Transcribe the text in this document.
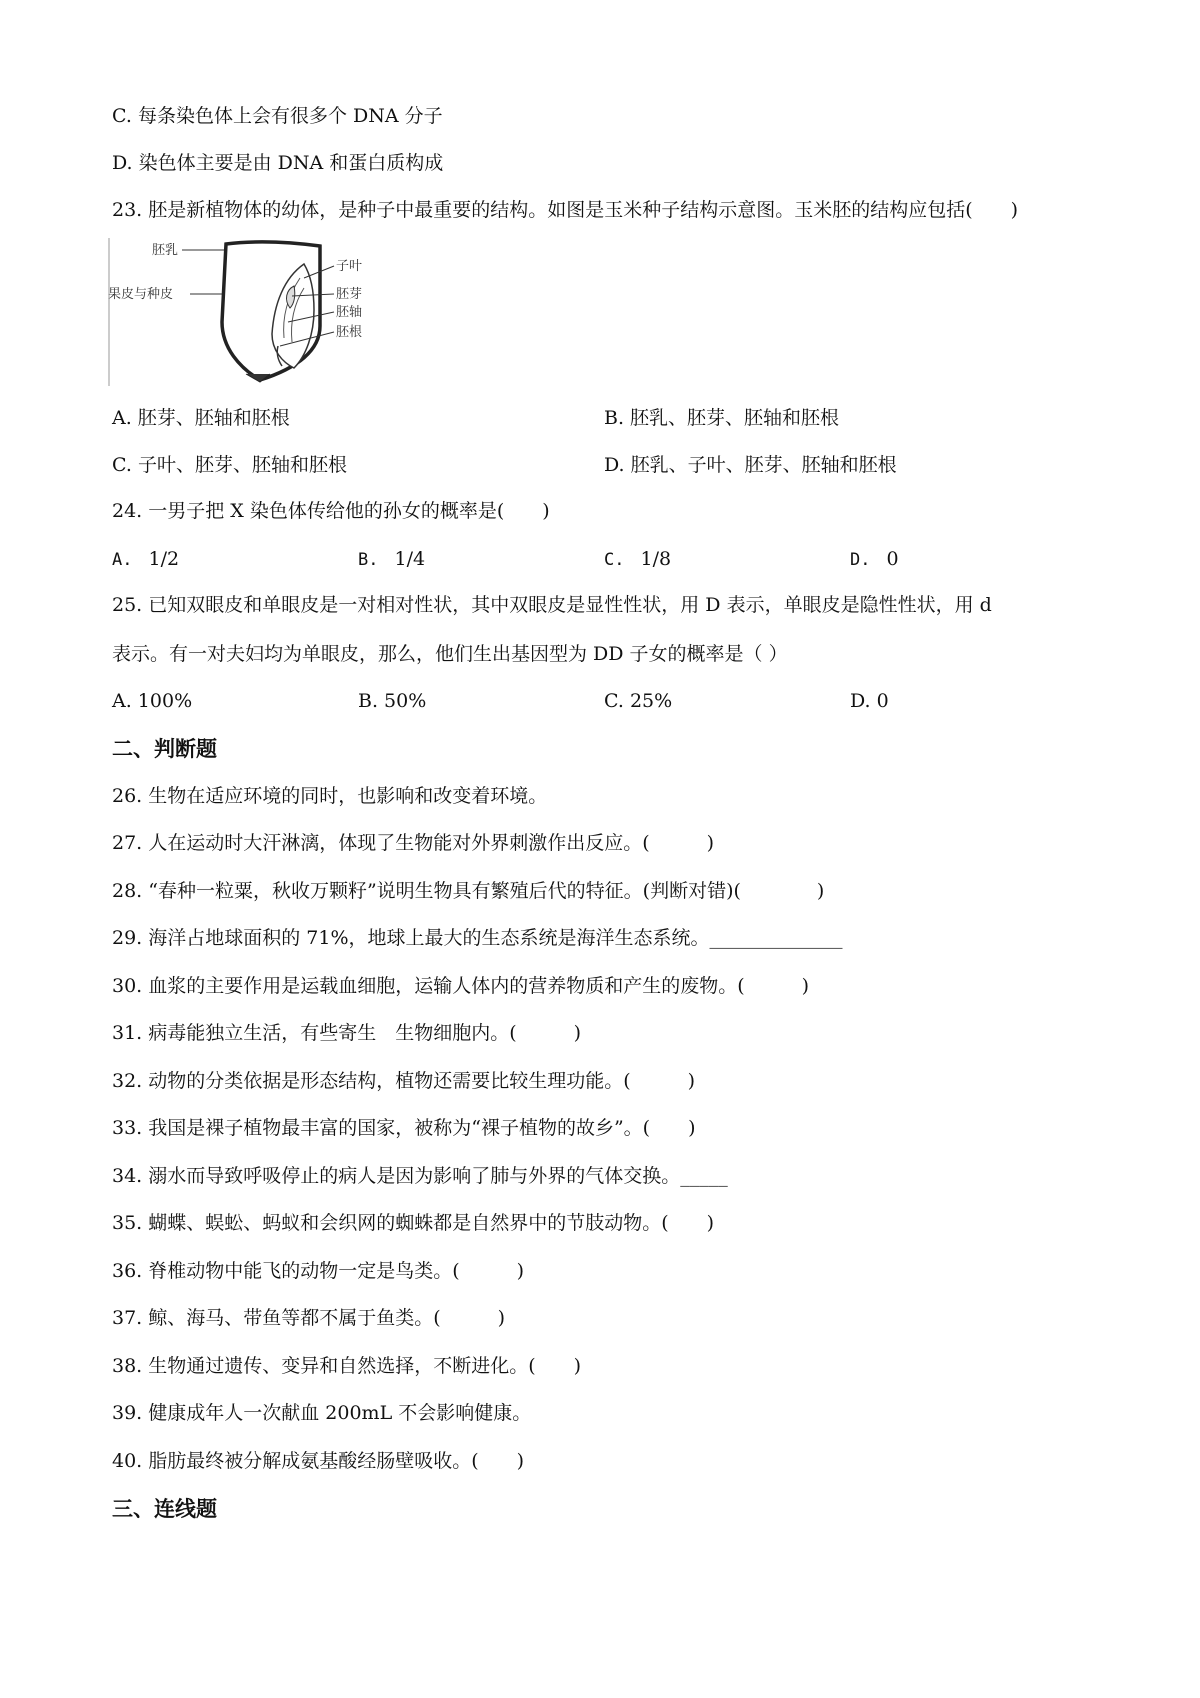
C. 每条染色体上会有很多个 DNA 分子
D. 染色体主要是由 DNA 和蛋白质构成
23. 胚是新植物体的幼体，是种子中最重要的结构。如图是玉米种子结构示意图。玉米胚的结构应包括(　　)
胚乳
果皮与种皮
子叶
胚芽
胚轴
胚根
A. 胚芽、胚轴和胚根	B. 胚乳、胚芽、胚轴和胚根
C. 子叶、胚芽、胚轴和胚根	D. 胚乳、子叶、胚芽、胚轴和胚根
24. 一男子把 X 染色体传给他的孙女的概率是(　　)
A. 1/2	B. 1/4	C. 1/8	D. 0
25. 已知双眼皮和单眼皮是一对相对性状，其中双眼皮是显性性状，用 D 表示，单眼皮是隐性性状，用 d
表示。有一对夫妇均为单眼皮，那么，他们生出基因型为 DD 子女的概率是（ ）
A. 100%	B. 50%	C. 25%	D. 0
二、判断题
26. 生物在适应环境的同时，也影响和改变着环境。
27. 人在运动时大汗淋漓，体现了生物能对外界刺激作出反应。(　　　)
28. “春种一粒粟，秋收万颗籽”说明生物具有繁殖后代的特征。(判断对错)(　　　　)
29. 海洋占地球面积的 71%，地球上最大的生态系统是海洋生态系统。______________
30. 血浆的主要作用是运载血细胞，运输人体内的营养物质和产生的废物。(　　　)
31. 病毒能独立生活，有些寄生　生物细胞内。(　　　)
32. 动物的分类依据是形态结构，植物还需要比较生理功能。(　　　)
33. 我国是裸子植物最丰富的国家，被称为“裸子植物的故乡”。(　　)
34. 溺水而导致呼吸停止的病人是因为影响了肺与外界的气体交换。_____
35. 蝴蝶、蜈蚣、蚂蚁和会织网的蜘蛛都是自然界中的节肢动物。(　　)
36. 脊椎动物中能飞的动物一定是鸟类。(　　　)
37. 鲸、海马、带鱼等都不属于鱼类。(　　　)
38. 生物通过遗传、变异和自然选择，不断进化。(　　)
39. 健康成年人一次献血 200mL 不会影响健康。
40. 脂肪最终被分解成氨基酸经肠壁吸收。(　　)
三、连线题
